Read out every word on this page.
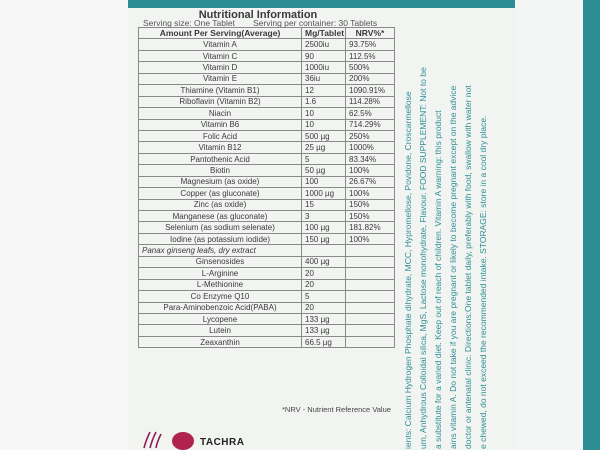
Nutritional Information
Serving size: One Tablet Serving per container: 30 Tablets
Amount Per Serving(Average)	Mg/Tablet	NRV%*
Vitamin A	2500iu	93.75%
Vitamin C	90	112.5%
Vitamin D	1000iu	500%
Vitamin E	36iu	200%
Thiamine (Vitamin B1)	12	1090.91%
Riboflavin (Vitamin B2)	1.6	114.28%
Niacin	10	62.5%
Vitamin B6	10	714.29%
Folic Acid	500 µg	250%
Vitamin B12	25 µg	1000%
Pantothenic Acid	5	83.34%
Biotin	50 µg	100%
Magnesium (as oxide)	100	26.67%
Copper (as gluconate)	1000 µg	100%
Zinc (as oxide)	15	150%
Manganese (as gluconate)	3	150%
Selenium (as sodium selenate)	100 µg	181.82%
Iodine (as potassium iodide)	150 µg	100%
Panax ginseng leafs, dry extract		
Ginsenosides	400 µg	
L-Arginine	20	
L-Methionine	20	
Co Enzyme Q10	5	
Para-Aminobenzoic Acid(PABA)	20	
Lycopene	133 µg	
Lutein	133 µg	
Zeaxanthin	66.5 µg	
*NRV - Nutrient Reference Value ients: Calcium Hydrogen Phosphate dihydrate, MCC, Hypromellose, Povidone, Croscarmellose um, Anhydrous Colloidal silica, MgS, Lactose monohydrate, Flavour. FOOD SUPPLEMENT: Not to be a substitute for a varied diet. Keep out of reach of children. Vitamin A warning: this product ains vitamin A. Do not take if you are pregnant or likely to become pregnant except on the advice doctor or antenatal clinic. Directions:One tablet daily, preferably with food, swallow with water not e chewed, do not exceed the recommended intake. STORAGE: store in a cool dry place.
TACHRA
